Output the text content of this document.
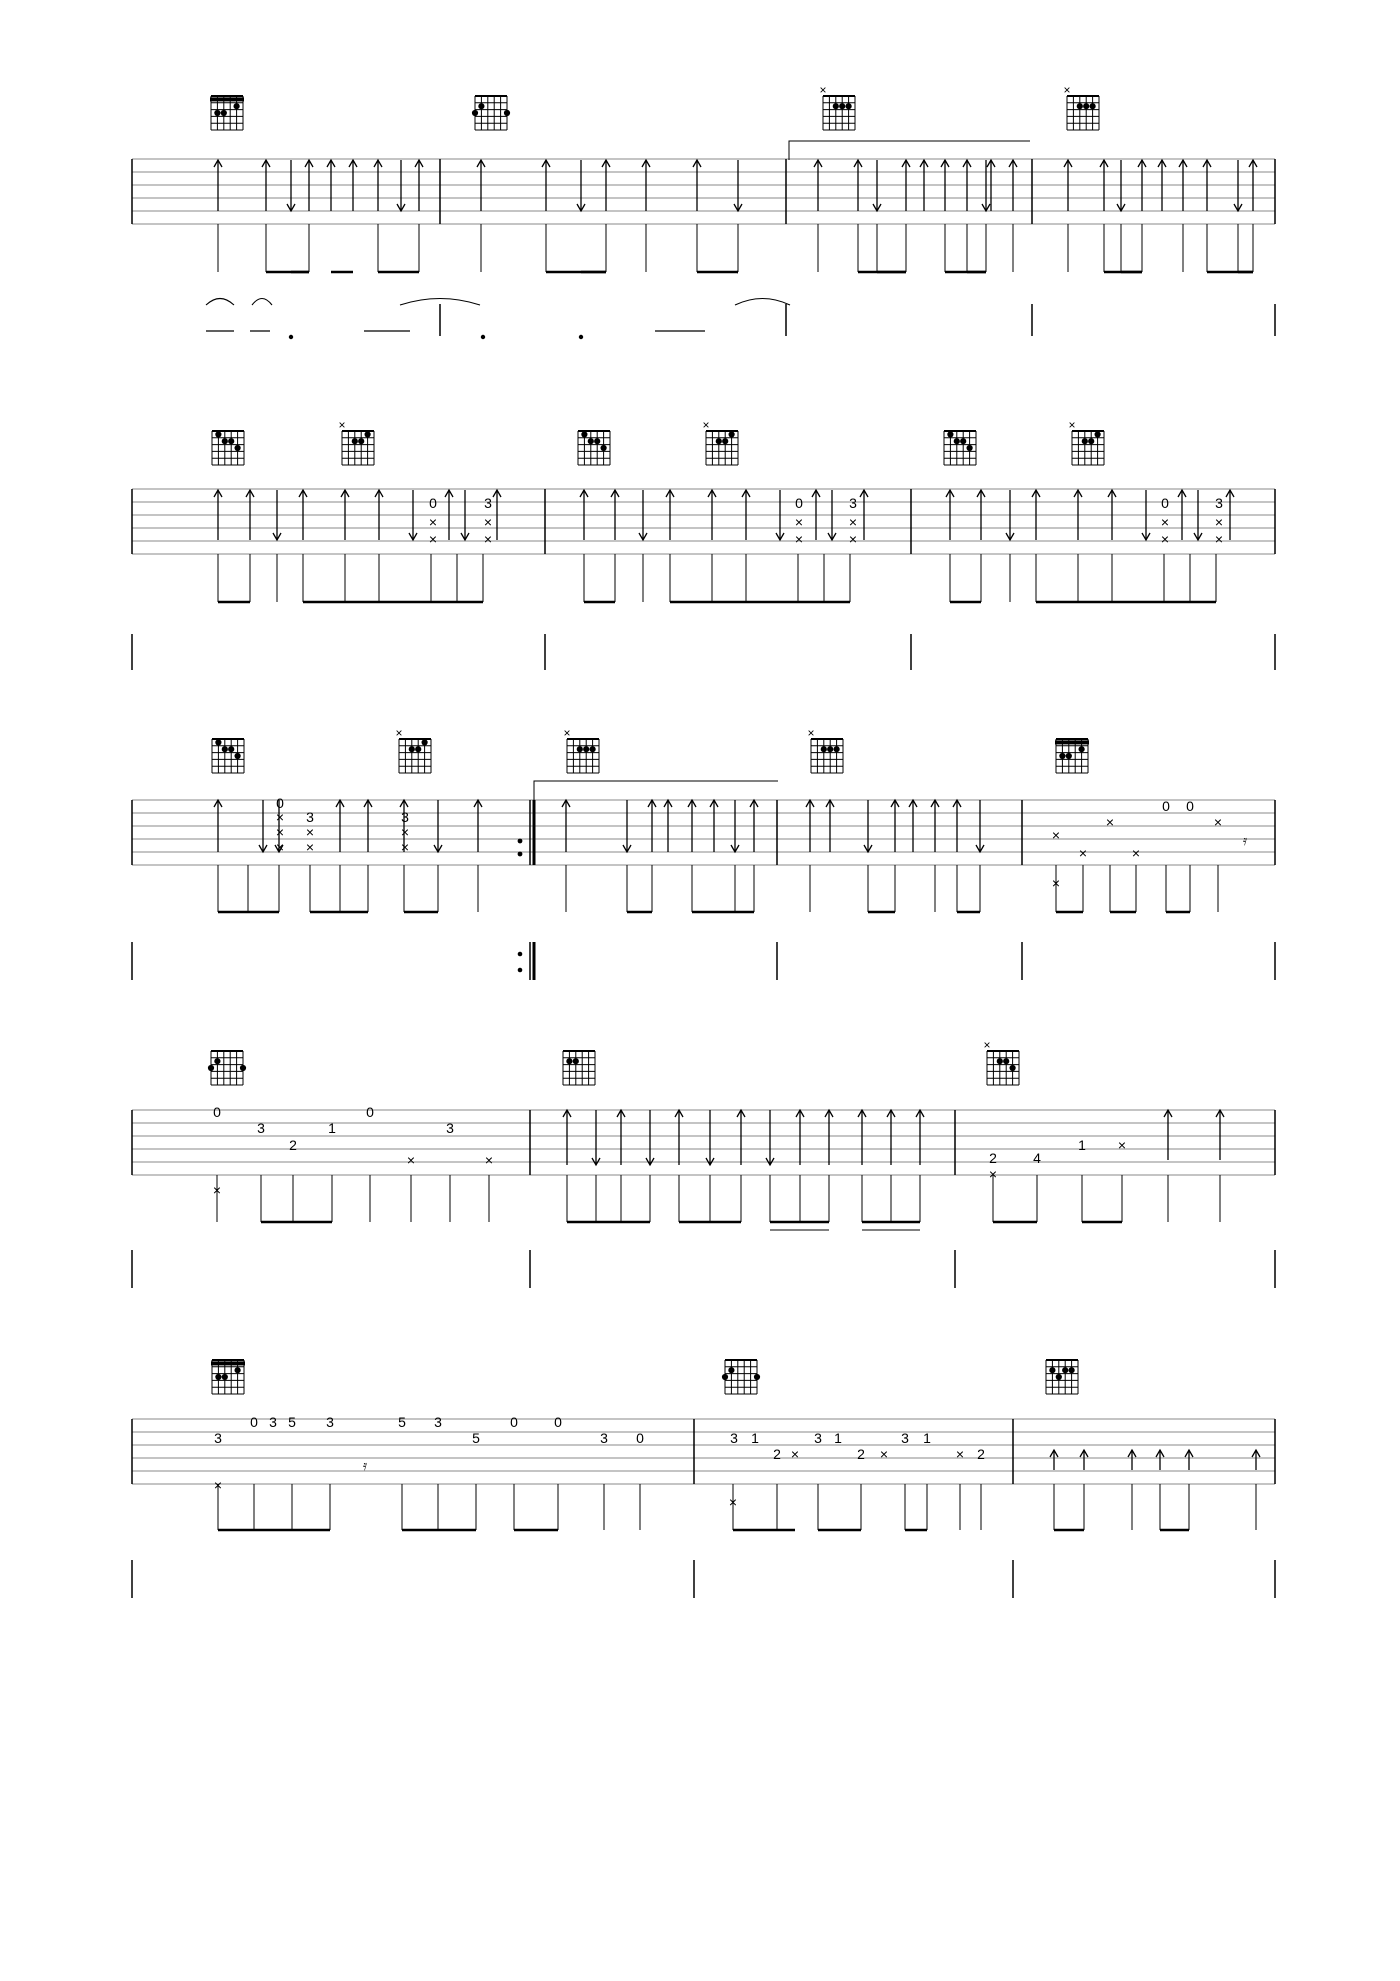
×	×
×	×	×
0	3	0	3	0	3
×
×
×
×
×
×
×
×
×
×
×
×
×	×	×
0
3	3
×
×
×
×
×
×
×
×
×
×
×
×
0 0
×
𝄿
×
0
3
2
1
0
3
×
×	×	2	4
1
×
×
3
0 3 5 3	5 3
5
0	0
3 0
×
𝄿
3 1
2
3 1
2
3 1
2
×	×	×
×
